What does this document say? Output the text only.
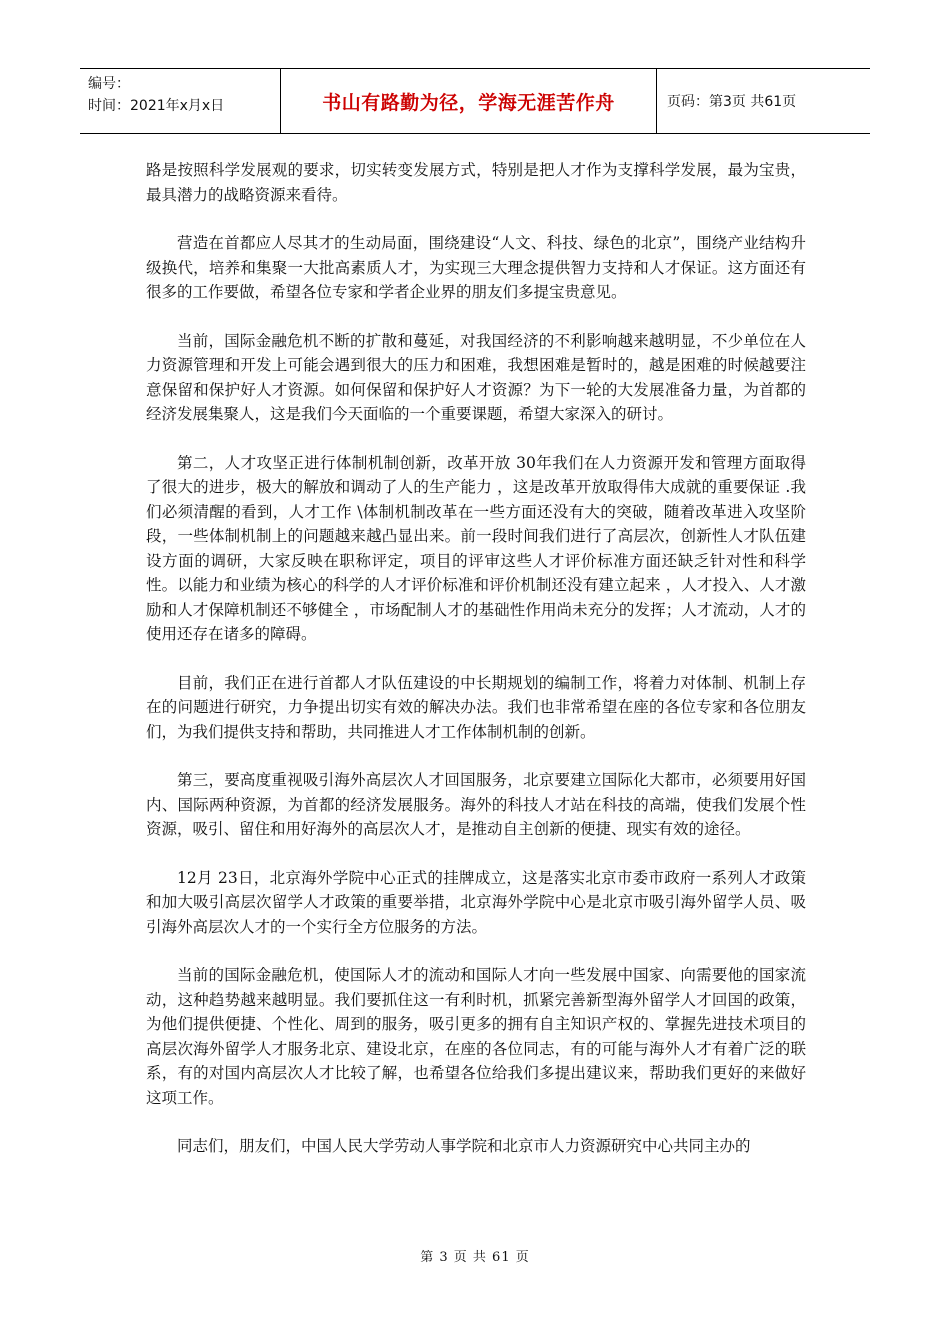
编号：
时间：2021年x月x日	书山有路勤为径，学海无涯苦作舟	页码：第3页 共61页

路是按照科学发展观的要求，切实转变发展方式，特别是把人才作为支撑科学发展，最为宝贵，最具潜力的战略资源来看待。

营造在首都应人尽其才的生动局面，围绕建设“人文、科技、绿色的北京”，围绕产业结构升级换代，培养和集聚一大批高素质人才，为实现三大理念提供智力支持和人才保证。这方面还有很多的工作要做，希望各位专家和学者企业界的朋友们多提宝贵意见。

当前，国际金融危机不断的扩散和蔓延，对我国经济的不利影响越来越明显，不少单位在人力资源管理和开发上可能会遇到很大的压力和困难，我想困难是暂时的，越是困难的时候越要注意保留和保护好人才资源。如何保留和保护好人才资源？为下一轮的大发展准备力量，为首都的经济发展集聚人，这是我们今天面临的一个重要课题，希望大家深入的研讨。

第二，人才攻坚正进行体制机制创新，改革开放 30年我们在人力资源开发和管理方面取得了很大的进步，极大的解放和调动了人的生产能力 ，这是改革开放取得伟大成就的重要保证 .我们必须清醒的看到，人才工作 \体制机制改革在一些方面还没有大的突破，随着改革进入攻坚阶段，一些体制机制上的问题越来越凸显出来。前一段时间我们进行了高层次，创新性人才队伍建设方面的调研，大家反映在职称评定，项目的评审这些人才评价标准方面还缺乏针对性和科学性。以能力和业绩为核心的科学的人才评价标准和评价机制还没有建立起来 ，人才投入、人才激励和人才保障机制还不够健全 ，市场配制人才的基础性作用尚未充分的发挥；人才流动，人才的使用还存在诸多的障碍。

目前，我们正在进行首都人才队伍建设的中长期规划的编制工作，将着力对体制、机制上存在的问题进行研究，力争提出切实有效的解决办法。我们也非常希望在座的各位专家和各位朋友们，为我们提供支持和帮助，共同推进人才工作体制机制的创新。

第三，要高度重视吸引海外高层次人才回国服务，北京要建立国际化大都市，必须要用好国内、国际两种资源，为首都的经济发展服务。海外的科技人才站在科技的高端，使我们发展个性资源，吸引、留住和用好海外的高层次人才，是推动自主创新的便捷、现实有效的途径。

12月 23日，北京海外学院中心正式的挂牌成立，这是落实北京市委市政府一系列人才政策和加大吸引高层次留学人才政策的重要举措，北京海外学院中心是北京市吸引海外留学人员、吸引海外高层次人才的一个实行全方位服务的方法。

当前的国际金融危机，使国际人才的流动和国际人才向一些发展中国家、向需要他的国家流动，这种趋势越来越明显。我们要抓住这一有利时机，抓紧完善新型海外留学人才回国的政策，为他们提供便捷、个性化、周到的服务，吸引更多的拥有自主知识产权的、掌握先进技术项目的高层次海外留学人才服务北京、建设北京，在座的各位同志，有的可能与海外人才有着广泛的联系，有的对国内高层次人才比较了解，也希望各位给我们多提出建议来，帮助我们更好的来做好这项工作。

同志们，朋友们，中国人民大学劳动人事学院和北京市人力资源研究中心共同主办的

第 3 页 共 61 页
